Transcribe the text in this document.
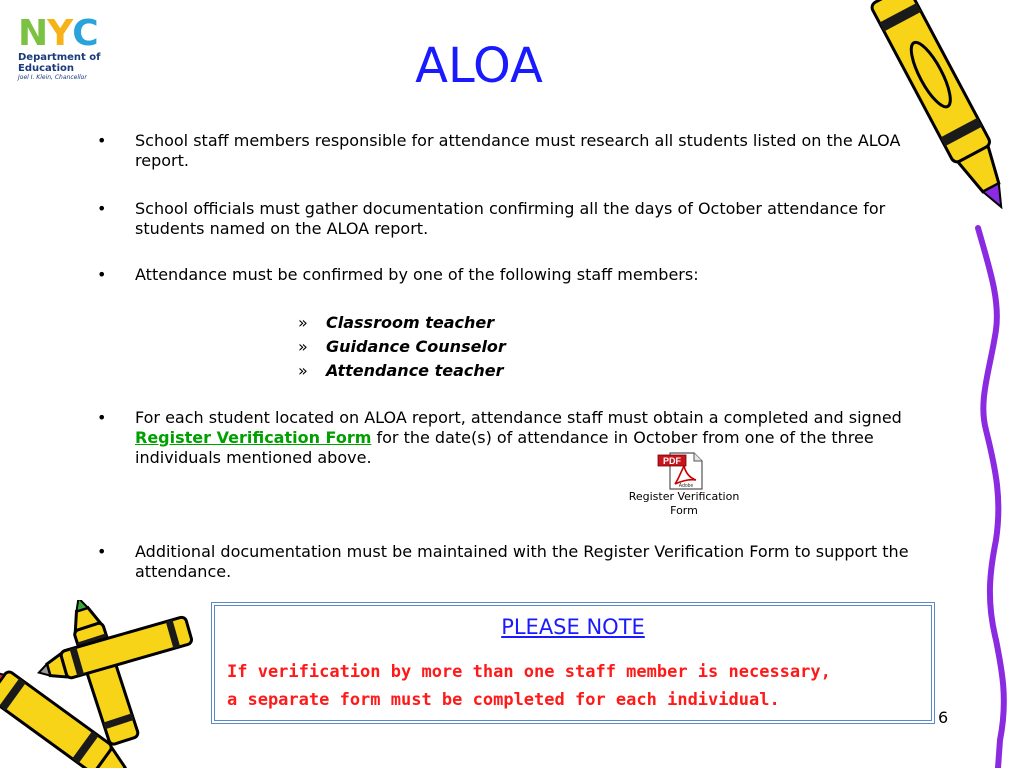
NYC
Department of
Education
Joel I. Klein, Chancellor	ALOA
• School staff members responsible for attendance must research all students listed on the ALOA report.
• School officials must gather documentation confirming all the days of October attendance for students named on the ALOA report.
• Attendance must be confirmed by one of the following staff members:
» Classroom teacher
» Guidance Counselor
» Attendance teacher
• For each student located on ALOA report, attendance staff must obtain a completed and signed Register Verification Form for the date(s) of attendance in October from one of the three individuals mentioned above.	PDF
Adobe
Register Verification
Form
• Additional documentation must be maintained with the Register Verification Form to support the attendance.
PLEASE NOTE
If verification by more than one staff member is necessary,
a separate form must be completed for each individual.
6
